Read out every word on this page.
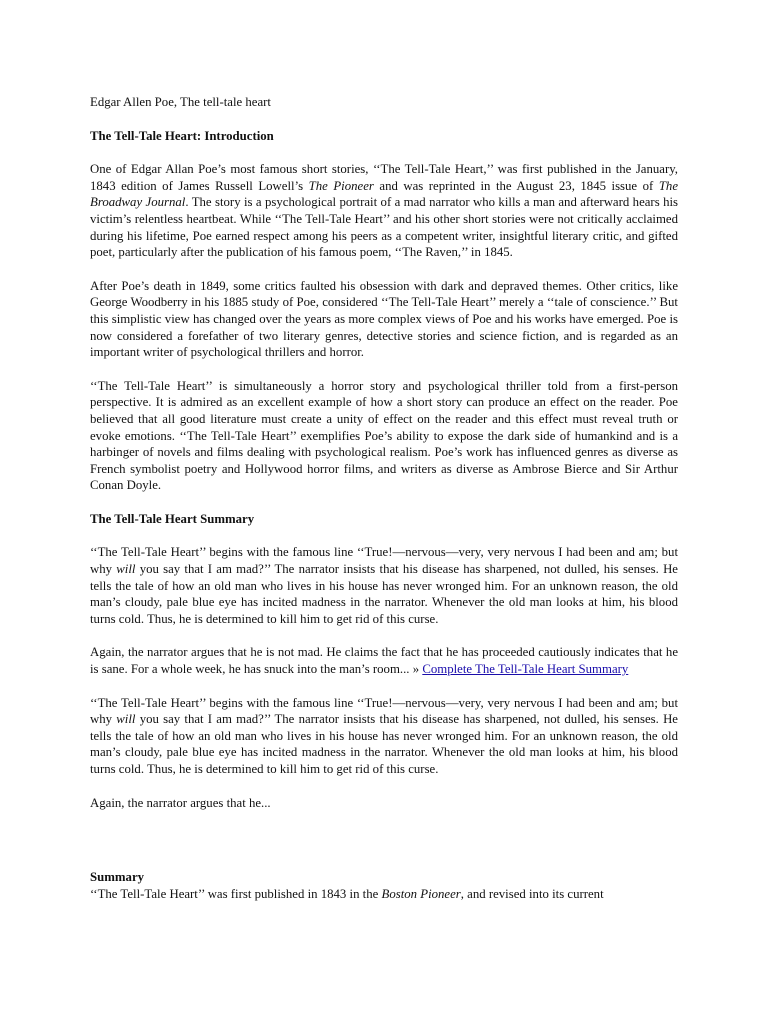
Edgar Allen Poe, The tell-tale heart

The Tell-Tale Heart: Introduction

One of Edgar Allan Poe’s most famous short stories, ‘‘The Tell-Tale Heart,’’ was first published in the January, 1843 edition of James Russell Lowell’s The Pioneer and was reprinted in the August 23, 1845 issue of The Broadway Journal. The story is a psychological portrait of a mad narrator who kills a man and afterward hears his victim’s relentless heartbeat. While ‘‘The Tell-Tale Heart’’ and his other short stories were not critically acclaimed during his lifetime, Poe earned respect among his peers as a competent writer, insightful literary critic, and gifted poet, particularly after the publication of his famous poem, ‘‘The Raven,’’ in 1845.

After Poe’s death in 1849, some critics faulted his obsession with dark and depraved themes. Other critics, like George Woodberry in his 1885 study of Poe, considered ‘‘The Tell-Tale Heart’’ merely a ‘‘tale of conscience.’’ But this simplistic view has changed over the years as more complex views of Poe and his works have emerged. Poe is now considered a forefather of two literary genres, detective stories and science fiction, and is regarded as an important writer of psychological thrillers and horror.

‘‘The Tell-Tale Heart’’ is simultaneously a horror story and psychological thriller told from a first-person perspective. It is admired as an excellent example of how a short story can produce an effect on the reader. Poe believed that all good literature must create a unity of effect on the reader and this effect must reveal truth or evoke emotions. ‘‘The Tell-Tale Heart’’ exemplifies Poe’s ability to expose the dark side of humankind and is a harbinger of novels and films dealing with psychological realism. Poe’s work has influenced genres as diverse as French symbolist poetry and Hollywood horror films, and writers as diverse as Ambrose Bierce and Sir Arthur Conan Doyle.

The Tell-Tale Heart Summary

‘‘The Tell-Tale Heart’’ begins with the famous line ‘‘True!—nervous—very, very nervous I had been and am; but why will you say that I am mad?’’ The narrator insists that his disease has sharpened, not dulled, his senses. He tells the tale of how an old man who lives in his house has never wronged him. For an unknown reason, the old man’s cloudy, pale blue eye has incited madness in the narrator. Whenever the old man looks at him, his blood turns cold. Thus, he is determined to kill him to get rid of this curse.

Again, the narrator argues that he is not mad. He claims the fact that he has proceeded cautiously indicates that he is sane. For a whole week, he has snuck into the man’s room... » Complete The Tell-Tale Heart Summary

‘‘The Tell-Tale Heart’’ begins with the famous line ‘‘True!—nervous—very, very nervous I had been and am; but why will you say that I am mad?’’ The narrator insists that his disease has sharpened, not dulled, his senses. He tells the tale of how an old man who lives in his house has never wronged him. For an unknown reason, the old man’s cloudy, pale blue eye has incited madness in the narrator. Whenever the old man looks at him, his blood turns cold. Thus, he is determined to kill him to get rid of this curse.

Again, the narrator argues that he...

Summary

‘‘The Tell-Tale Heart’’ was first published in 1843 in the Boston Pioneer, and revised into its current
